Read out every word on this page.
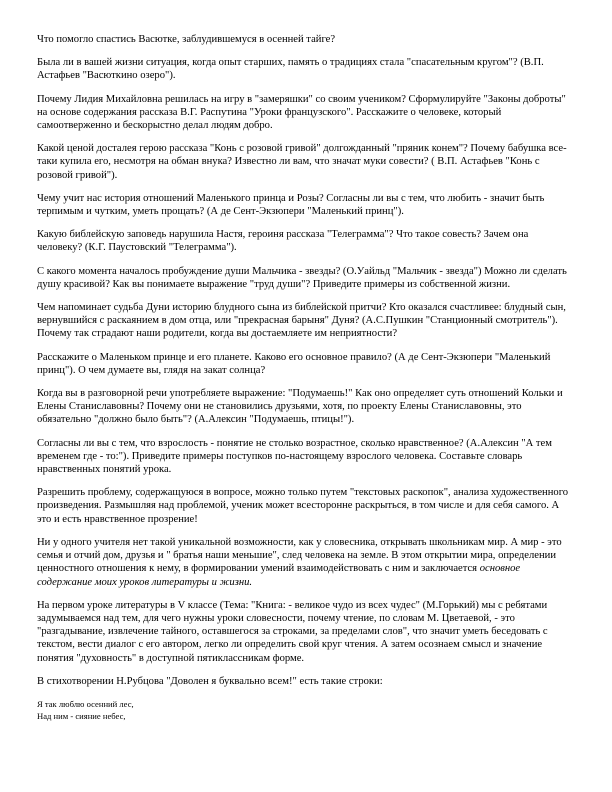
Что помогло спастись Васютке, заблудившемуся в осенней тайге?

Была ли в вашей жизни ситуация, когда опыт старших, память о традициях стала "спасательным кругом"? (В.П. Астафьев "Васюткино озеро").

Почему Лидия Михайловна решилась на игру в "замеряшки" со своим учеником? Сформулируйте "Законы доброты" на основе содержания рассказа В.Г. Распутина "Уроки французского". Расскажите о человеке, который самоотверженно и бескорыстно делал людям добро.

Какой ценой досталея герою рассказа "Конь с розовой гривой" долгожданный "пряник конем"? Почему бабушка все-таки купила его, несмотря на обман внука? Известно ли вам, что значат муки совести? ( В.П. Астафьев "Конь с розовой гривой").

Чему учит нас история отношений Маленького принца и Розы? Согласны ли вы с тем, что любить - значит быть терпимым и чутким, уметь прощать? (А де Сент-Экзюпери "Маленький принц").

Какую библейскую заповедь нарушила Настя, героиня рассказа "Телеграмма"? Что такое совесть? Зачем она человеку? (К.Г. Паустовский "Телеграмма").

С какого момента началось пробуждение души Мальчика - звезды? (О.Уайльд "Мальчик - звезда") Можно ли сделать душу красивой? Как вы понимаете выражение "труд души"? Приведите примеры из собственной жизни.

Чем напоминает судьба Дуни историю блудного сына из библейской притчи? Кто оказался счастливее: блудный сын, вернувшийся с раскаянием в дом отца, или "прекрасная барыня" Дуня? (А.С.Пушкин "Станционный смотритель"). Почему так страдают наши родители, когда вы достаемляете им неприятности?

Расскажите о Маленьком принце и его планете. Каково его основное правило? (А де Сент-Экзюпери "Маленький принц"). О чем думаете вы, глядя на закат солнца?

Когда вы в разговорной речи употребляете выражение: "Подумаешь!" Как оно определяет суть отношений Кольки и Елены Станиславовны? Почему они не становились друзьями, хотя, по проекту Елены Станиславовны, это обязательно "должно было быть"? (А.Алексин "Подумаешь, птицы!").

Согласны ли вы с тем, что взрослость - понятие не столько возрастное, сколько нравственное? (А.Алексин "А тем временем где - то:"). Приведите примеры поступков по-настоящему взрослого человека. Составьте словарь нравственных понятий урока.

Разрешить проблему, содержащуюся в вопросе, можно только путем "текстовых раскопок", анализа художественного произведения. Размышляя над проблемой, ученик может всесторонне раскрыться, в том числе и для себя самого. А это и есть нравственное прозрение!

Ни у одного учителя нет такой уникальной возможности, как у словесника, открывать школьникам мир. А мир - это семья и отчий дом, друзья и " братья наши меньшие", след человека на земле. В этом открытии мира, определении ценностного отношения к нему, в формировании умений взаимодействовать с ним и заключается основное содержание моих уроков литературы и жизни.

На первом уроке литературы в V классе (Тема: "Книга: - великое чудо из всех чудес" (М.Горький) мы с ребятами задумываемся над тем, для чего нужны уроки словесности, почему чтение, по словам М. Цветаевой, - это "разгадывание, извлечение тайного, оставшегося за строками, за пределами слов", что значит уметь беседовать с текстом, вести диалог с его автором, легко ли определить свой круг чтения. А затем осознаем смысл и значение понятия "духовность" в доступной пятиклассникам форме.

В стихотворении Н.Рубцова "Доволен я буквально всем!" есть такие строки:

Я так люблю осенний лес,

Над ним - сияние небес,
